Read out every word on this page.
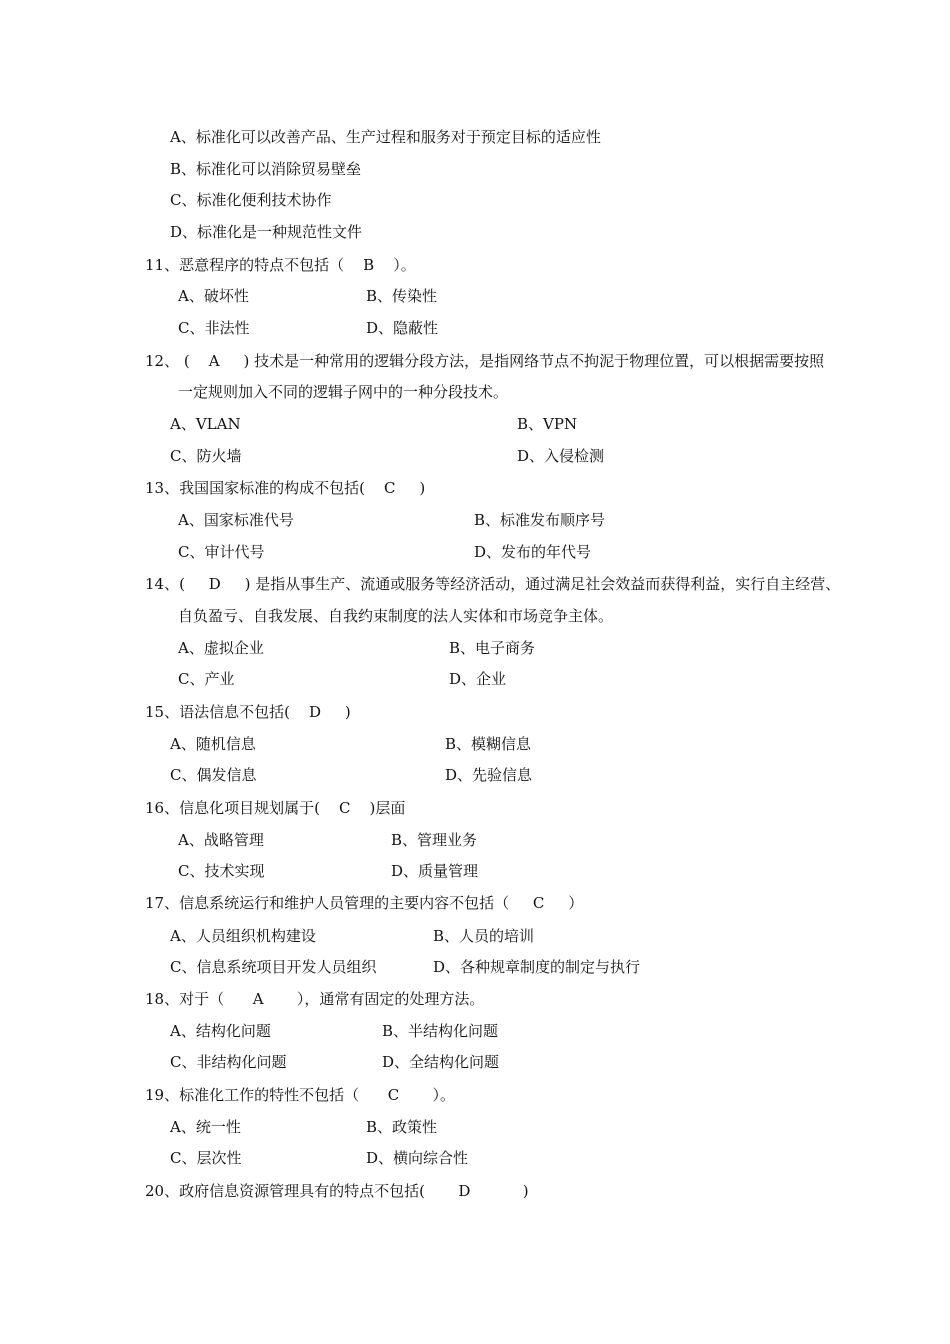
A、标准化可以改善产品、生产过程和服务对于预定目标的适应性
B、标准化可以消除贸易壁垒
C、标准化便利技术协作
D、标准化是一种规范性文件
11、恶意程序的特点不包括（    B    ）。
A、破坏性	B、传染性
C、非法性	D、隐蔽性
12、 (    A     ) 技术是一种常用的逻辑分段方法，是指网络节点不拘泥于物理位置，可以根据需要按照
一定规则加入不同的逻辑子网中的一种分段技术。
A、VLAN	B、VPN
C、防火墙	D、入侵检测
13、我国国家标准的构成不包括(    C     )
A、国家标准代号	B、标准发布顺序号
C、审计代号	D、发布的年代号
14、(     D     ) 是指从事生产、流通或服务等经济活动，通过满足社会效益而获得利益，实行自主经营、
自负盈亏、自我发展、自我约束制度的法人实体和市场竞争主体。
A、虚拟企业	B、电子商务
C、产业	D、企业
15、语法信息不包括(    D     )
A、随机信息	B、模糊信息
C、偶发信息	D、先验信息
16、信息化项目规划属于(    C    )层面
A、战略管理	B、管理业务
C、技术实现	D、质量管理
17、信息系统运行和维护人员管理的主要内容不包括（     C     ）
A、人员组织机构建设	B、人员的培训
C、信息系统项目开发人员组织	D、各种规章制度的制定与执行
18、对于（      A       ），通常有固定的处理方法。
A、结构化问题	B、半结构化问题
C、非结构化问题	D、全结构化问题
19、标准化工作的特性不包括（      C       ）。
A、统一性	B、政策性
C、层次性	D、横向综合性
20、政府信息资源管理具有的特点不包括(       D           )
